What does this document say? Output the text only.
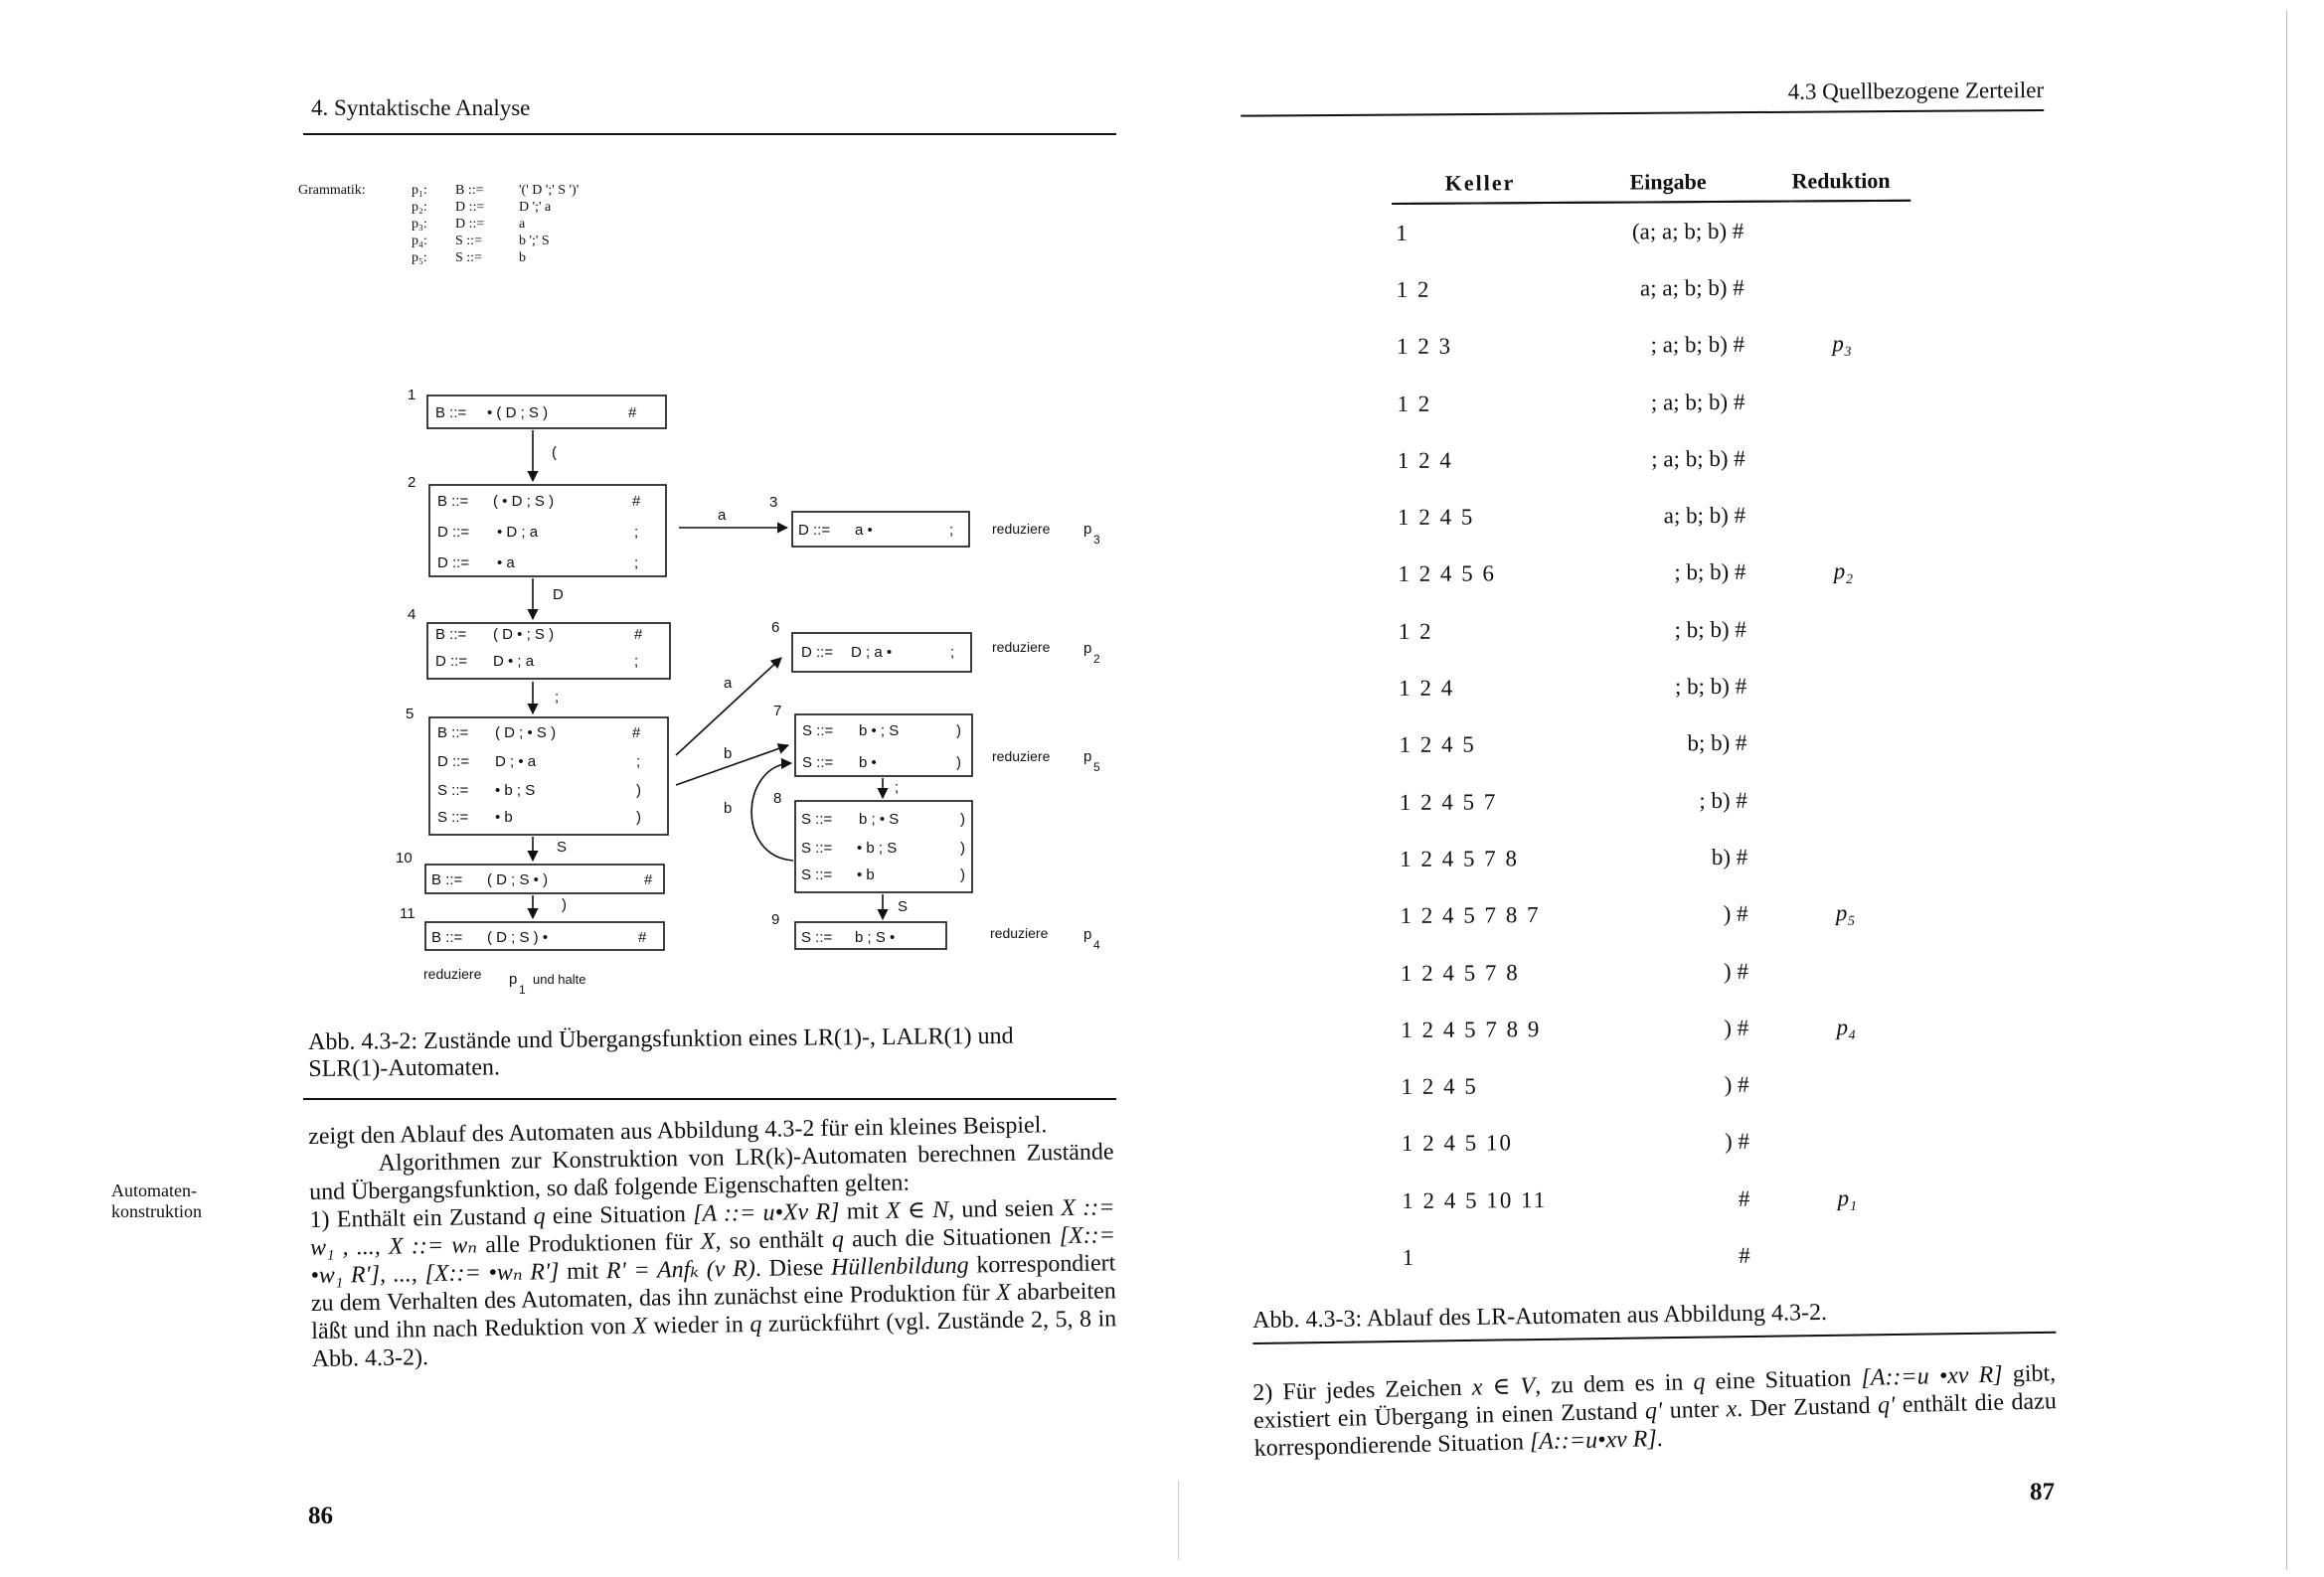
4. Syntaktische Analyse
Grammatik:	p₁:	B ::=	'(' D ';' S ')'
p₂:	D ::=	D ';' a
p₃:	D ::=	a
p₄:	S ::=	b ';' S
p₅:	S ::=	b
1
B ::= • ( D ; S )	#
2
B ::= ( • D ; S )	#
D ::= • D ; a	;
D ::= • a	;
3
D ::= a •	;
4
B ::= ( D • ; S )	#
D ::= D • ; a	;
5
B ::= ( D ; • S )	#
D ::= D ; • a	;
S ::= • b ; S	)
S ::= • b	)
6
D ::= D ; a •	;
7
S ::= b • ; S	)
S ::= b •	)
8
S ::= b ; • S	)
S ::= • b ; S	)
S ::= • b	)
9
S ::= b ; S •
10
B ::= ( D ; S • )	#
11
B ::= ( D ; S ) •	#
(
a
D
;
a
b
;
b
S
)	S
reduziere p
3
reduziere p
2
reduziere p
5
reduziere p
4
reduziere p
1
und halte
Abb. 4.3-2: Zustände und Übergangsfunktion eines LR(1)-, LALR(1) und SLR(1)-Automaten.
Automaten-
konstruktion

zeigt den Ablauf des Automaten aus Abbildung 4.3-2 für ein kleines Beispiel.

Algorithmen zur Konstruktion von LR(k)-Automaten berechnen Zustände und Übergangsfunktion, so daß folgende Eigenschaften gelten:

1) Enthält ein Zustand q eine Situation [A ::= u•Xv R] mit X ∈ N, und seien X ::= w₁ , ..., X ::= wₙ alle Produktionen für X, so enthält q auch die Situationen [X::= •w₁ R'], ..., [X::= •wₙ R'] mit R' = Anfₖ (v R). Diese Hüllenbildung korrespondiert zu dem Verhalten des Automaten, das ihn zunächst eine Produktion für X abarbeiten läßt und ihn nach Reduktion von X wieder in q zurückführt (vgl. Zustände 2, 5, 8 in Abb. 4.3-2).

86
4.3 Quellbezogene Zerteiler
Keller	Eingabe	Reduktion
1	(a; a; b; b) #	
1 2	a; a; b; b) #	
1 2 3	; a; b; b) #	p₃
1 2	; a; b; b) #	
1 2 4	; a; b; b) #	
1 2 4 5	a; b; b) #	
1 2 4 5 6	; b; b) #	p₂
1 2	; b; b) #	
1 2 4	; b; b) #	
1 2 4 5	b; b) #	
1 2 4 5 7	; b) #	
1 2 4 5 7 8	b) #	
1 2 4 5 7 8 7	) #	p₅
1 2 4 5 7 8	) #	
1 2 4 5 7 8 9	) #	p₄
1 2 4 5	) #	
1 2 4 5 10	) #	
1 2 4 5 10 11	#	p₁
1	#	
Abb. 4.3-3: Ablauf des LR-Automaten aus Abbildung 4.3-2.

2) Für jedes Zeichen x ∈ V, zu dem es in q eine Situation [A::=u •xv R] gibt, existiert ein Übergang in einen Zustand q' unter x. Der Zustand q' enthält die dazu korrespondierende Situation [A::=u•xv R].

87
